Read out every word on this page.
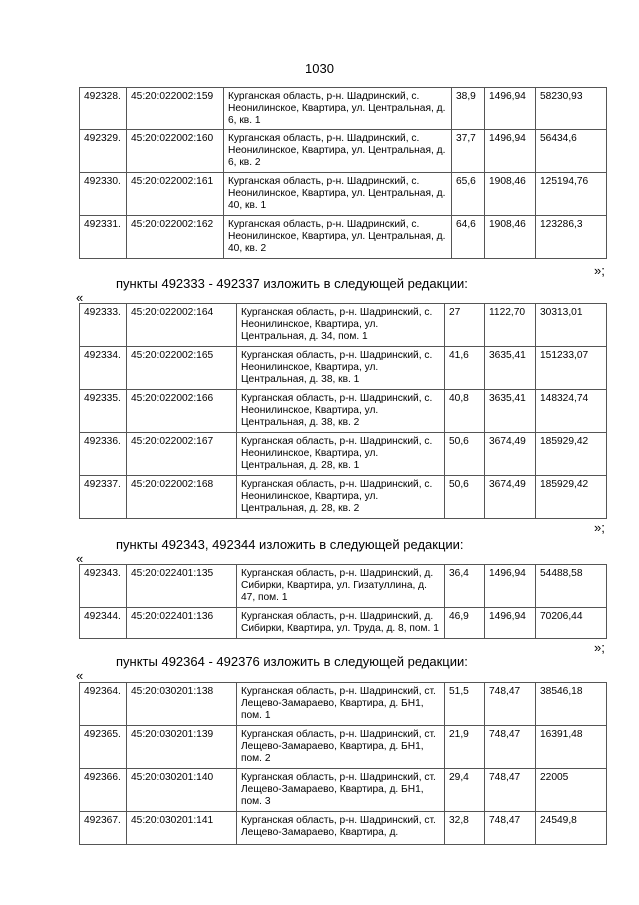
1030
492328.	45:20:022002:159	Курганская область, р-н. Шадринский, с. Неонилинское, Квартира, ул. Центральная, д. 6, кв. 1	38,9	1496,94	58230,93
492329.	45:20:022002:160	Курганская область, р-н. Шадринский, с. Неонилинское, Квартира, ул. Центральная, д. 6, кв. 2	37,7	1496,94	56434,6
492330.	45:20:022002:161	Курганская область, р-н. Шадринский, с. Неонилинское, Квартира, ул. Центральная, д. 40, кв. 1	65,6	1908,46	125194,76
492331.	45:20:022002:162	Курганская область, р-н. Шадринский, с. Неонилинское, Квартира, ул. Центральная, д. 40, кв. 2	64,6	1908,46	123286,3
»;
пункты 492333 - 492337 изложить в следующей редакции:
«
492333.	45:20:022002:164	Курганская область, р-н. Шадринский, с. Неонилинское, Квартира, ул. Центральная, д. 34, пом. 1	27	1122,70	30313,01
492334.	45:20:022002:165	Курганская область, р-н. Шадринский, с. Неонилинское, Квартира, ул. Центральная, д. 38, кв. 1	41,6	3635,41	151233,07
492335.	45:20:022002:166	Курганская область, р-н. Шадринский, с. Неонилинское, Квартира, ул. Центральная, д. 38, кв. 2	40,8	3635,41	148324,74
492336.	45:20:022002:167	Курганская область, р-н. Шадринский, с. Неонилинское, Квартира, ул. Центральная, д. 28, кв. 1	50,6	3674,49	185929,42
492337.	45:20:022002:168	Курганская область, р-н. Шадринский, с. Неонилинское, Квартира, ул. Центральная, д. 28, кв. 2	50,6	3674,49	185929,42
»;
пункты 492343, 492344 изложить в следующей редакции:
«
492343.	45:20:022401:135	Курганская область, р-н. Шадринский, д. Сибирки, Квартира, ул. Гизатуллина, д. 47, пом. 1	36,4	1496,94	54488,58
492344.	45:20:022401:136	Курганская область, р-н. Шадринский, д. Сибирки, Квартира, ул. Труда, д. 8, пом. 1	46,9	1496,94	70206,44
»;
пункты 492364 - 492376 изложить в следующей редакции:
«
492364.	45:20:030201:138	Курганская область, р-н. Шадринский, ст. Лещево-Замараево, Квартира, д. БН1, пом. 1	51,5	748,47	38546,18
492365.	45:20:030201:139	Курганская область, р-н. Шадринский, ст. Лещево-Замараево, Квартира, д. БН1, пом. 2	21,9	748,47	16391,48
492366.	45:20:030201:140	Курганская область, р-н. Шадринский, ст. Лещево-Замараево, Квартира, д. БН1, пом. 3	29,4	748,47	22005
492367.	45:20:030201:141	Курганская область, р-н. Шадринский, ст. Лещево-Замараево, Квартира, д.	32,8	748,47	24549,8
